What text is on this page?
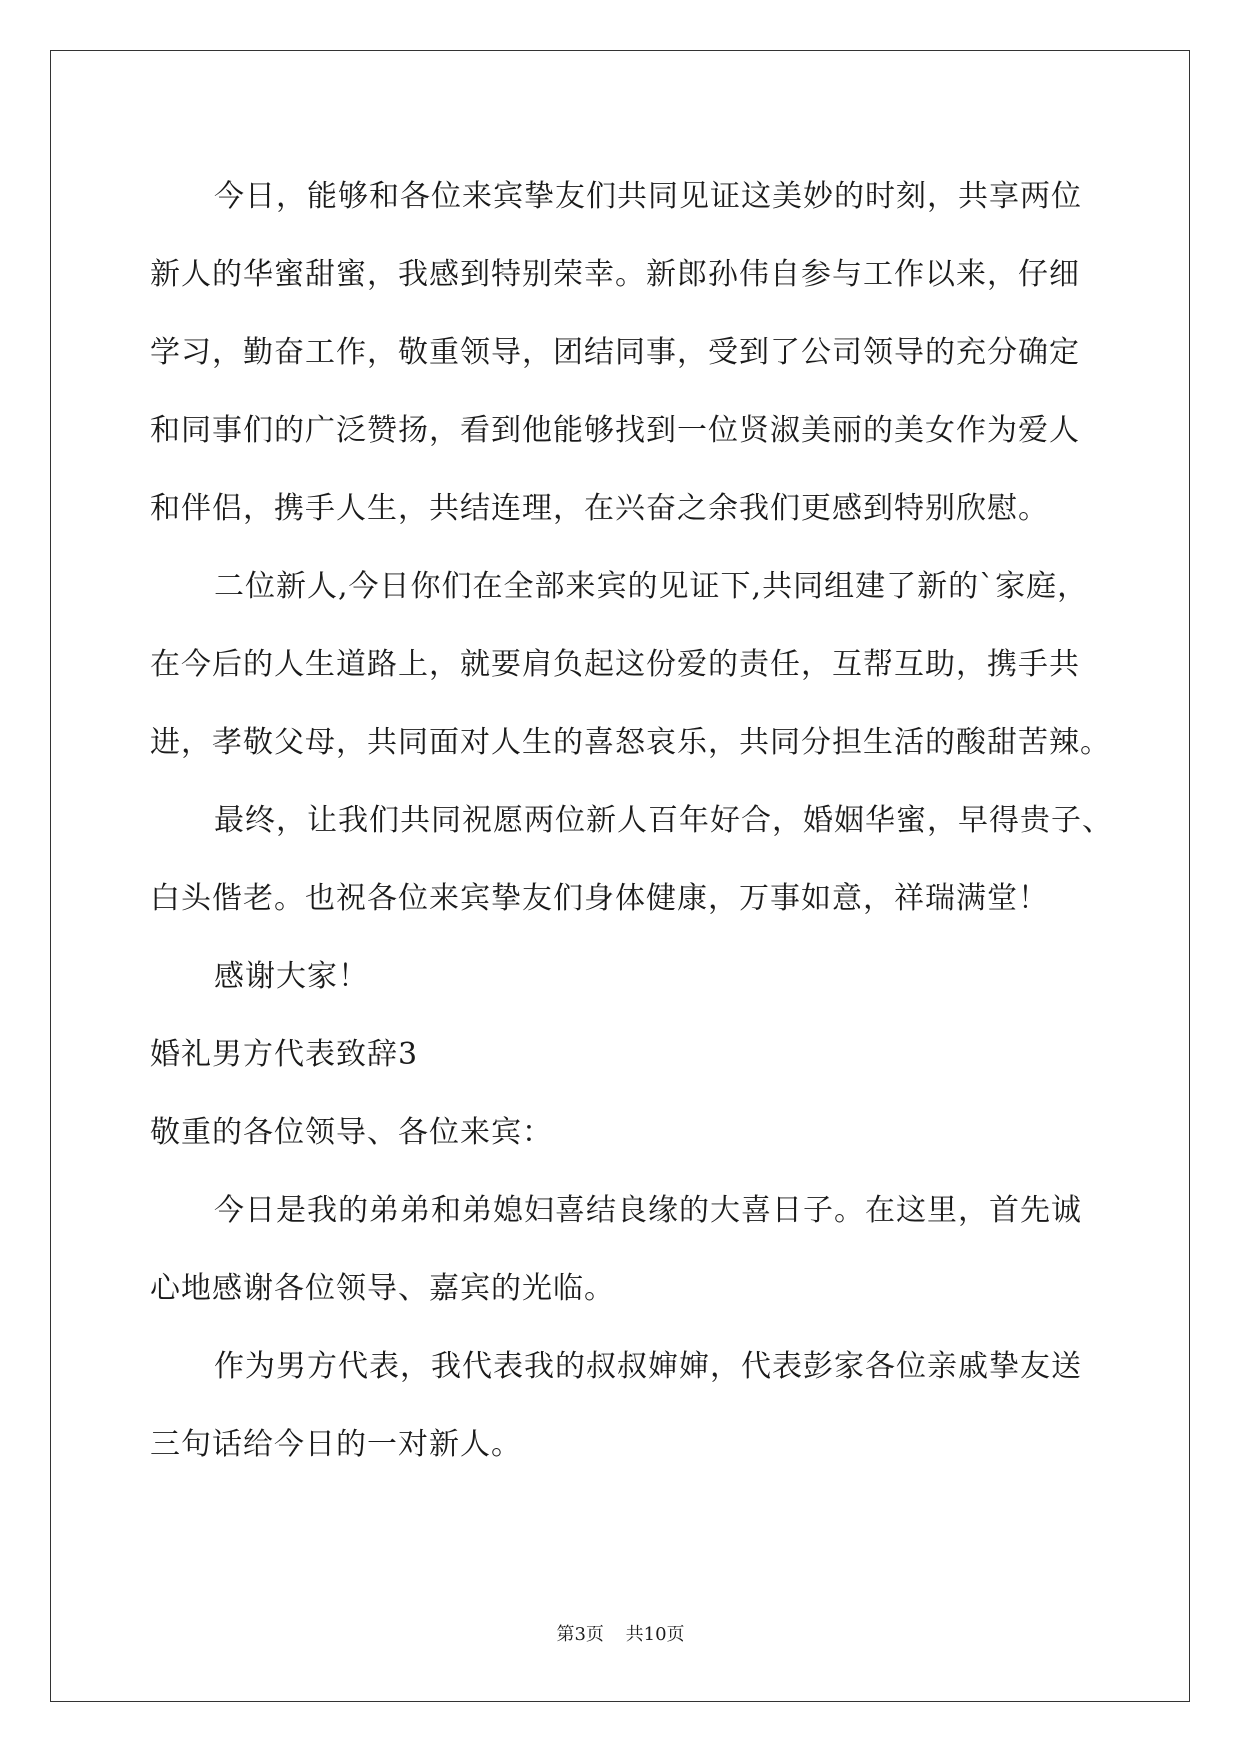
今日，能够和各位来宾挚友们共同见证这美妙的时刻，共享两位
新人的华蜜甜蜜，我感到特别荣幸。新郎孙伟自参与工作以来，仔细
学习，勤奋工作，敬重领导，团结同事，受到了公司领导的充分确定
和同事们的广泛赞扬，看到他能够找到一位贤淑美丽的美女作为爱人
和伴侣，携手人生，共结连理，在兴奋之余我们更感到特别欣慰。
二位新人,今日你们在全部来宾的见证下,共同组建了新的`家庭，
在今后的人生道路上，就要肩负起这份爱的责任，互帮互助，携手共
进，孝敬父母，共同面对人生的喜怒哀乐，共同分担生活的酸甜苦辣。
最终，让我们共同祝愿两位新人百年好合，婚姻华蜜，早得贵子、
白头偕老。也祝各位来宾挚友们身体健康，万事如意，祥瑞满堂！
感谢大家！
婚礼男方代表致辞3
敬重的各位领导、各位来宾：
今日是我的弟弟和弟媳妇喜结良缘的大喜日子。在这里，首先诚
心地感谢各位领导、嘉宾的光临。
作为男方代表，我代表我的叔叔婶婶，代表彭家各位亲戚挚友送
三句话给今日的一对新人。
第3页 共10页
